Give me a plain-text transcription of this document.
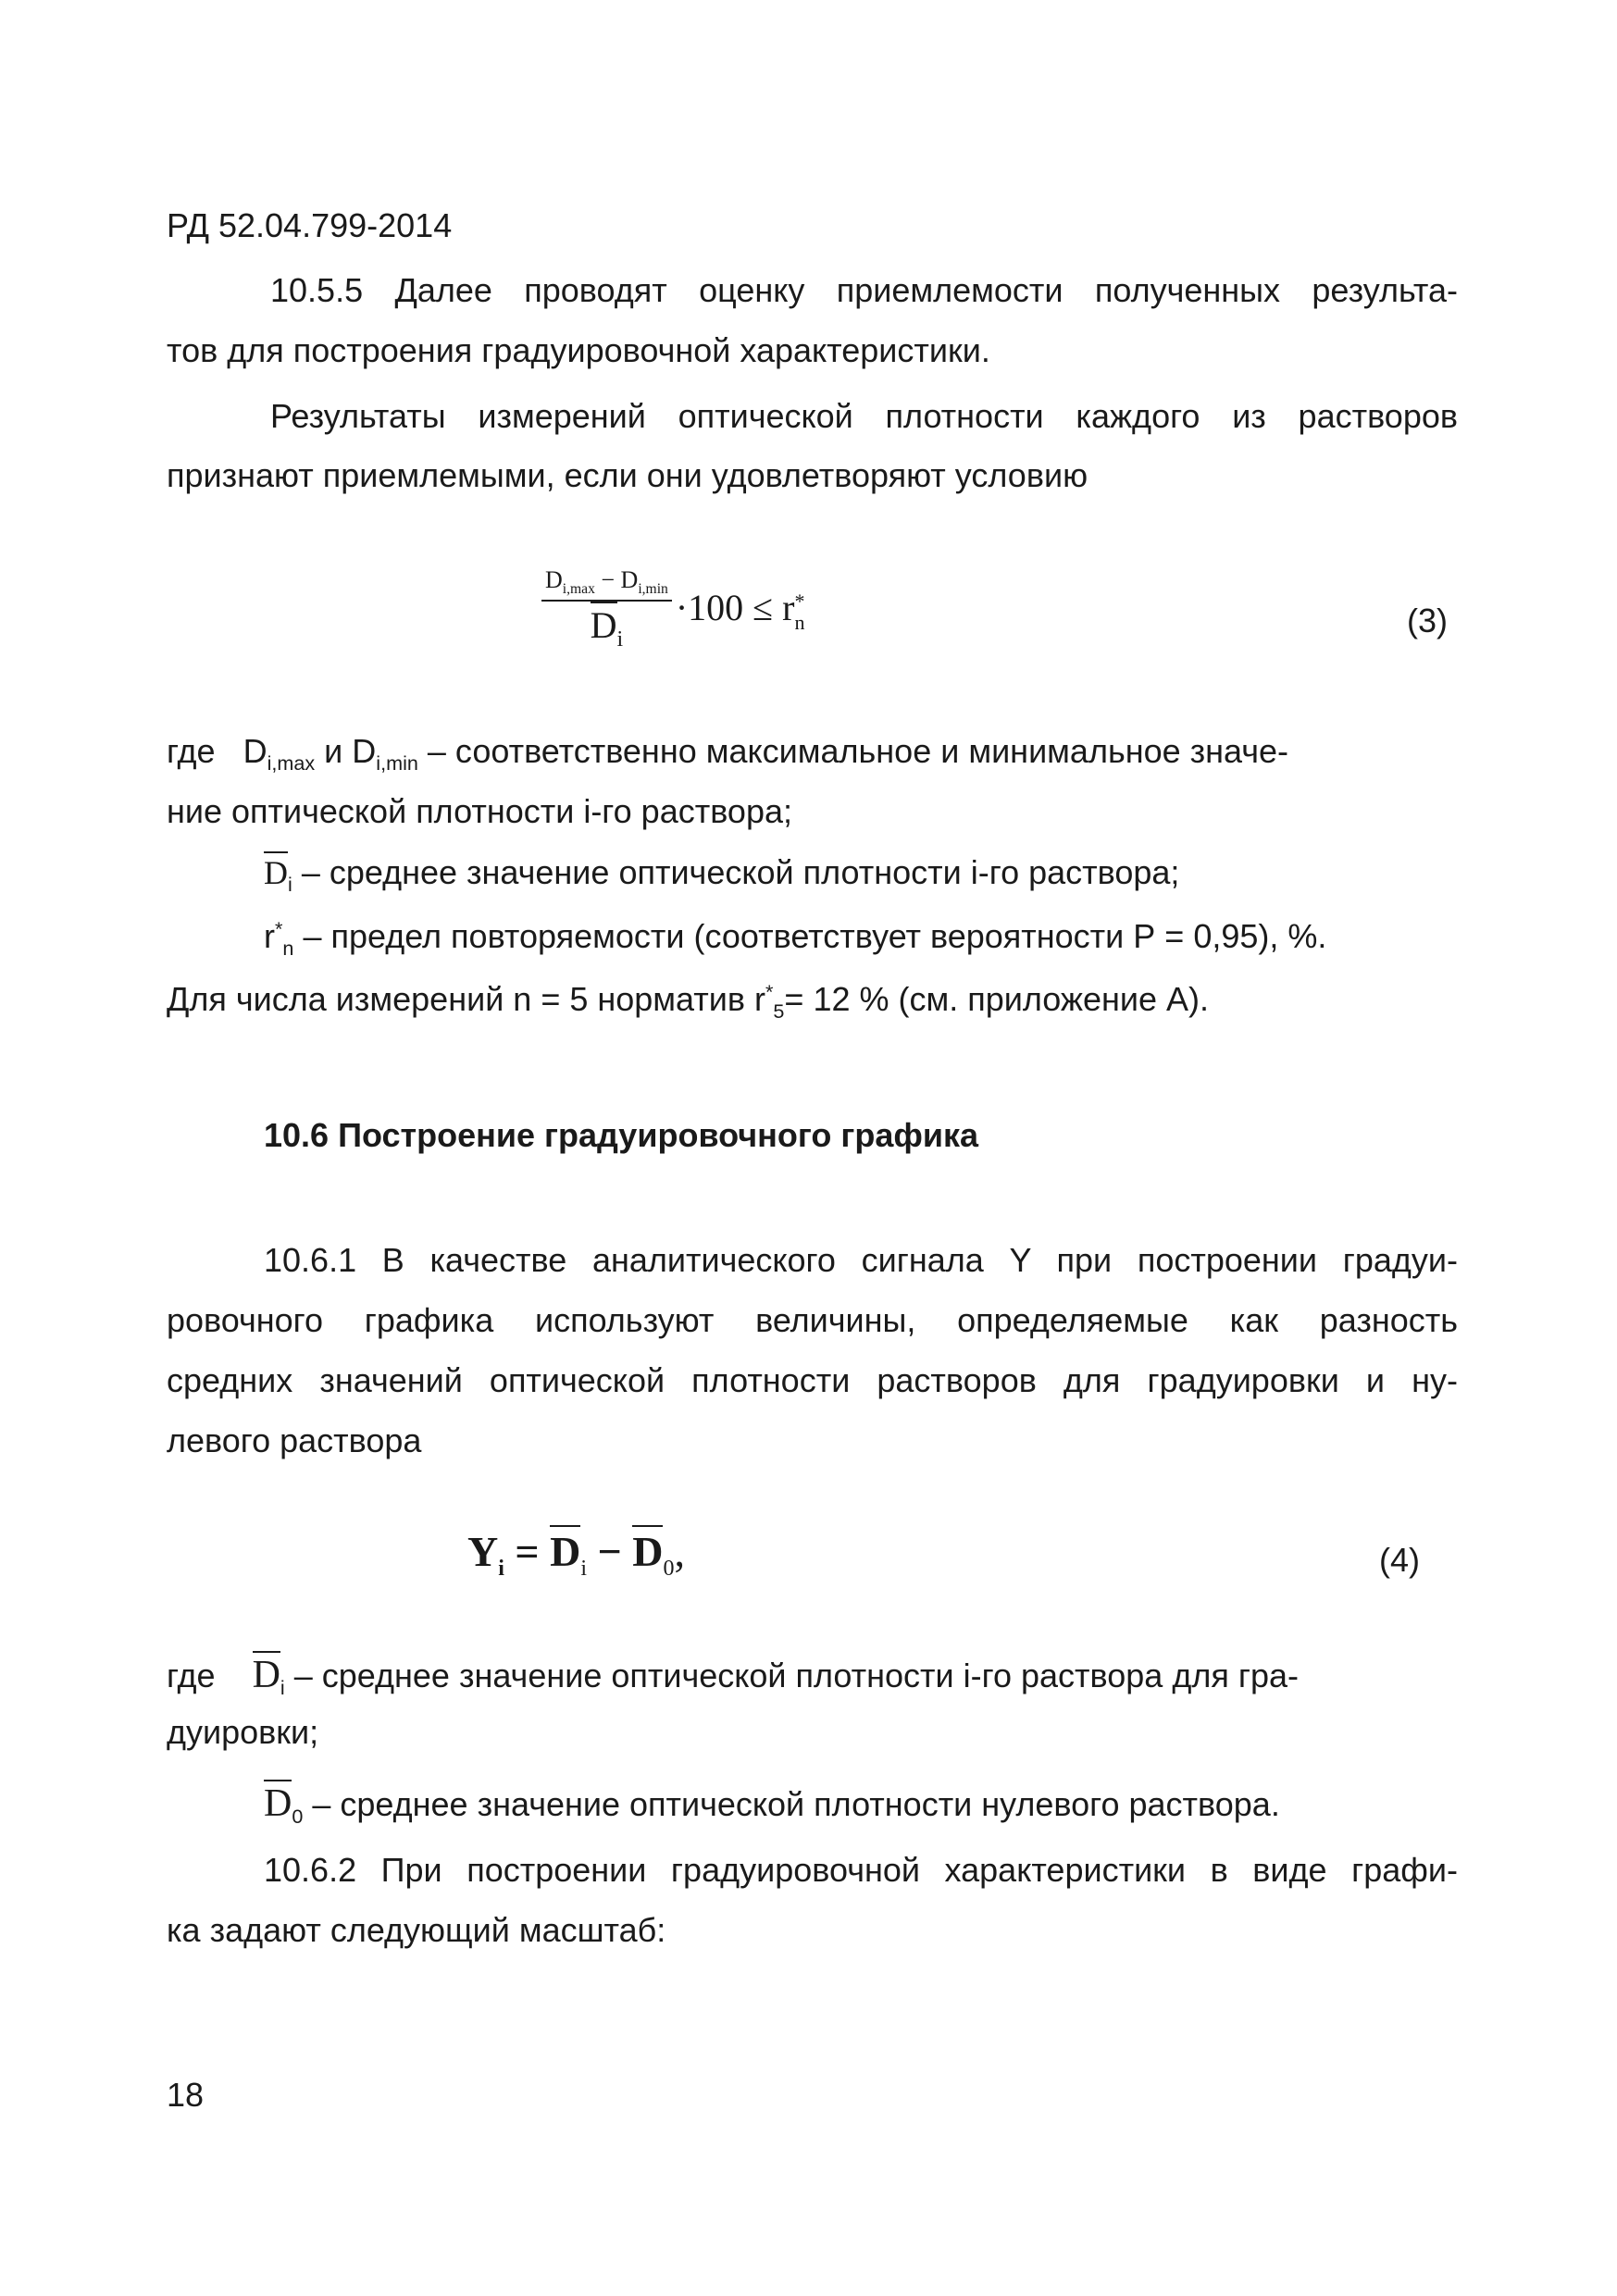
РД 52.04.799-2014

10.5.5 Далее проводят оценку приемлемости полученных результа-

тов для построения градуировочной характеристики.

Результаты измерений оптической плотности каждого из растворов

признают приемлемыми, если они удовлетворяют условию

$\frac{D_{i,max} - D_{i,min}}{D_i} \cdot 100 \le r$ *
n	(3)

где $D_{i,max}$ и $D_{i,min}$ – соответственно максимальное и минимальное значе-

ние оптической плотности i-го раствора;

$D_i$ – среднее значение оптической плотности i-го раствора;

$r^*_n$ – предел повторяемости (соответствует вероятности Р = 0,95), %.

Для числа измерений n = 5 норматив $r^*_5= 12$ % (см. приложение А).

10.6 Построение градуировочного графика

10.6.1 В качестве аналитического сигнала Y при построении градуи-

ровочного графика используют величины, определяемые как разность

средних значений оптической плотности растворов для градуировки и ну-

левого раствора

$Y_i = D_i - D_0$,	(4)

где $D_i$ – среднее значение оптической плотности i-го раствора для гра-

дуировки;

$D_0$ – среднее значение оптической плотности нулевого раствора.

10.6.2 При построении градуировочной характеристики в виде графи-

ка задают следующий масштаб:

18
